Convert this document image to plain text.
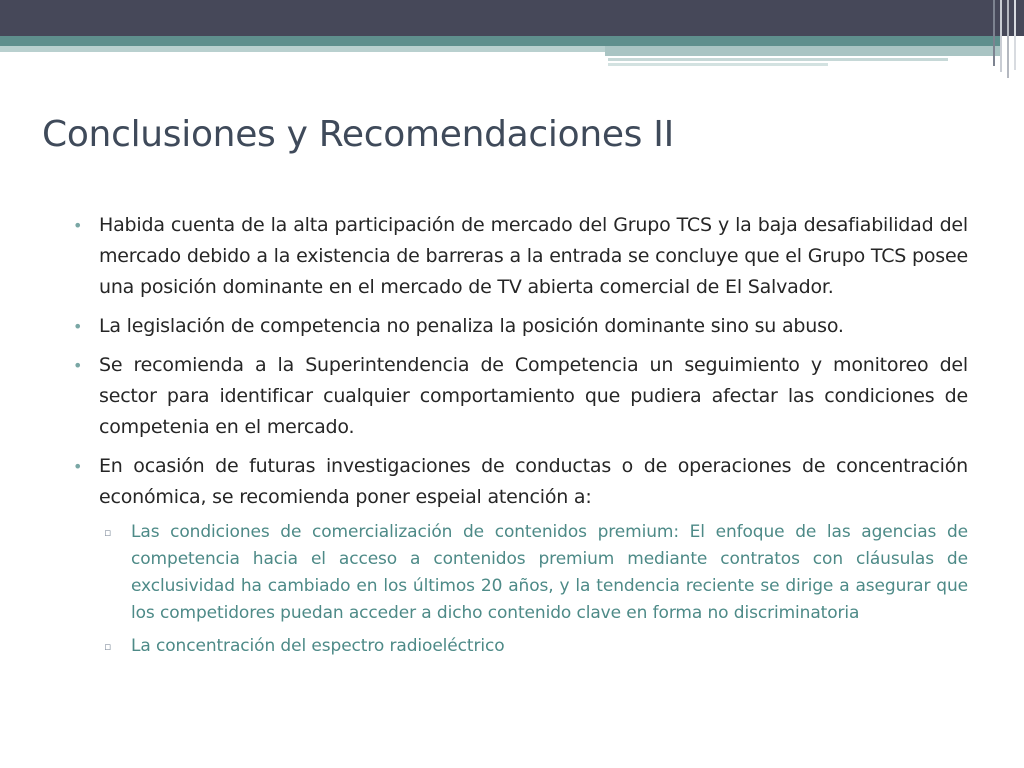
Conclusiones y Recomendaciones II
• Habida cuenta de la alta participación de mercado del Grupo TCS y la baja desafiabilidad del mercado debido a la existencia de barreras a la entrada se concluye que el Grupo TCS posee una posición dominante en el mercado de TV abierta comercial de El Salvador.
• La legislación de competencia no penaliza la posición dominante sino su abuso.
• Se recomienda a la Superintendencia de Competencia un seguimiento y monitoreo del sector para identificar cualquier comportamiento que pudiera afectar las condiciones de competenia en el mercado.
• En ocasión de futuras investigaciones de conductas o de operaciones de concentración económica, se recomienda poner espeial atención a:
▫ Las condiciones de comercialización de contenidos premium: El enfoque de las agencias de competencia hacia el acceso a contenidos premium mediante contratos con cláusulas de exclusividad ha cambiado en los últimos 20 años, y la tendencia reciente se dirige a asegurar que los competidores puedan acceder a dicho contenido clave en forma no discriminatoria
▫ La concentración del espectro radioeléctrico
